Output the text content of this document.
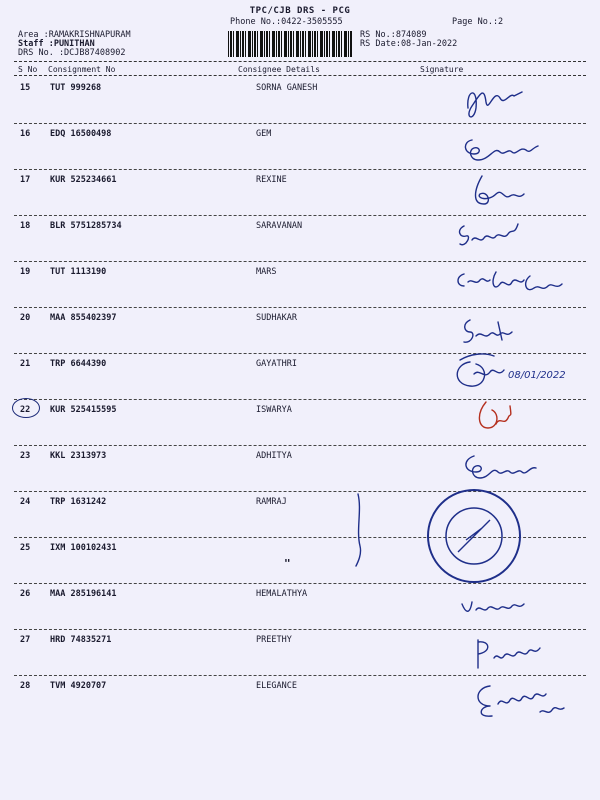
TPC/CJB DRS - PCG
Phone No.:0422-3505555	Page No.:2
Area :RAMAKRISHNAPURAM
Staff :PUNITHAN
DRS No. :DCJB87408902
RS No.:874089
RS Date:08-Jan-2022
S No Consignment No	Consignee Details	Signature
15 TUT 999268	SORNA GANESH
16 EDQ 16500498	GEM
17 KUR 525234661	REXINE
18 BLR 5751285734	SARAVANAN
19 TUT 1113190	MARS
20 MAA 855402397	SUDHAKAR
21 TRP 6644390	GAYATHRI
22 KUR 525415595	ISWARYA
23 KKL 2313973	ADHITYA
24 TRP 1631242	RAMRAJ
25 IXM 100102431
"
26 MAA 285196141	HEMALATHYA
27 HRD 74835271	PREETHY
28 TVM 4920707	ELEGANCE
08/01/2022
